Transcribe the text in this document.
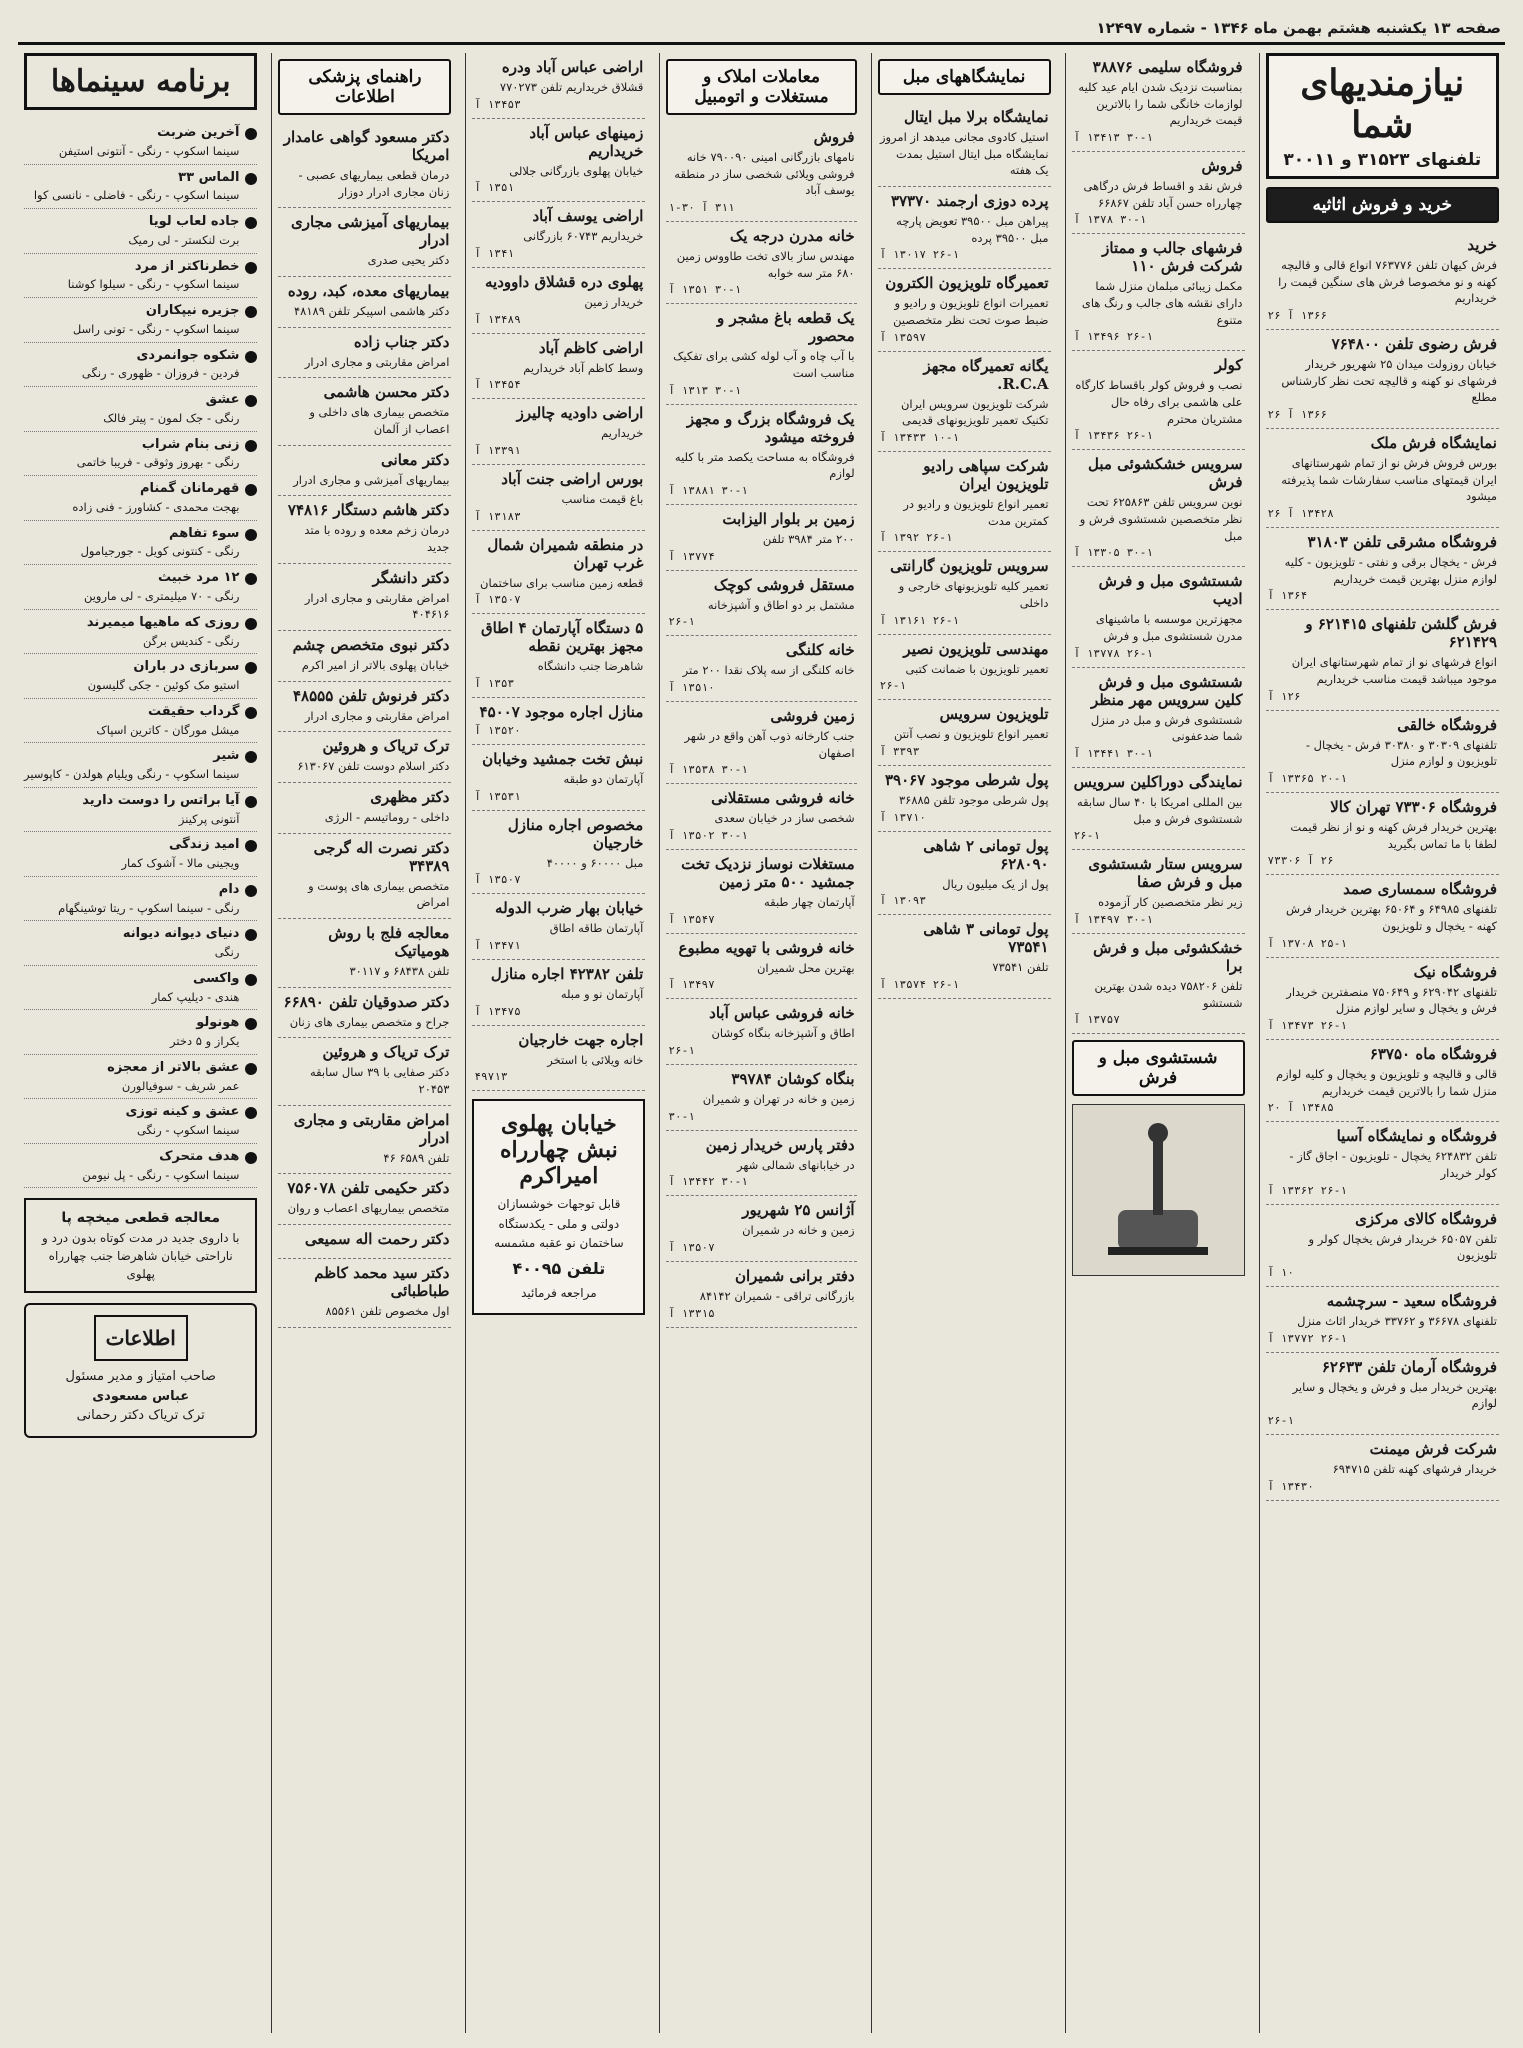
صفحه ۱۳ یکشنبه هشتم بهمن ماه ۱۳۴۶ - شماره ۱۲۴۹۷
نیازمندیهای شما
تلفنهای ۳۱۵۲۳ و ۳۰۰۱۱
خرید و فروش اثاثیه
خرید
فرش کیهان تلفن ۷۶۳۷۷۶ انواع قالی و قالیچه کهنه و نو مخصوصا فرش های سنگین قیمت را خریداریم
۱۳۶۶ آ ۲۶
فرش رضوی تلفن ۷۶۴۸۰۰
خیابان روزولت میدان ۲۵ شهریور خریدار فرشهای نو کهنه و قالیچه تحت نظر کارشناس مطلع
۱۳۶۶ آ ۲۶
نمایشگاه فرش ملک
بورس فروش فرش نو از تمام شهرستانهای ایران قیمتهای مناسب سفارشات شما پذیرفته میشود
۱۳۴۲۸ آ ۲۶
فروشگاه مشرقی تلفن ۳۱۸۰۳
فرش - یخچال برقی و نفتی - تلویزیون - کلیه لوازم منزل بهترین قیمت خریداریم
۱۳۶۴ آ
فرش گلشن تلفنهای ۶۲۱۴۱۵ و ۶۲۱۴۲۹
انواع فرشهای نو از تمام شهرستانهای ایران موجود میباشد قیمت مناسب خریداریم
۱۲۶ آ
فروشگاه خالقی
تلفنهای ۳۰۳۰۹ و ۳۰۳۸۰ فرش - یخچال - تلویزیون و لوازم منزل
۲۰-۱ ۱۳۳۶۵ آ
فروشگاه ۷۳۳۰۶ تهران کالا
بهترین خریدار فرش کهنه و نو از نظر قیمت لطفا با ما تماس بگیرید
۲۶ آ ۷۳۳۰۶
فروشگاه سمساری صمد
تلفنهای ۶۴۹۸۵ و ۶۵۰۶۴ بهترین خریدار فرش کهنه - یخچال و تلویزیون
۲۵-۱ ۱۳۷۰۸ آ
فروشگاه نیک
تلفنهای ۶۲۹۰۴۲ و ۷۵۰۶۴۹ منصفترین خریدار فرش و یخچال و سایر لوازم منزل
۲۶-۱ ۱۳۴۷۳ آ
فروشگاه ماه ۶۳۷۵۰
قالی و قالیچه و تلویزیون و یخچال و کلیه لوازم منزل شما را بالاترین قیمت خریداریم
۱۳۴۸۵ آ ۲۰
فروشگاه و نمایشگاه آسیا
تلفن ۶۲۴۸۳۲ یخچال - تلویزیون - اجاق گاز - کولر خریدار
۲۶-۱ ۱۳۳۶۲ آ
فروشگاه کالای مرکزی
تلفن ۶۵۰۵۷ خریدار فرش یخچال کولر و تلویزیون
۱۰ آ
فروشگاه سعید - سرچشمه
تلفنهای ۳۶۶۷۸ و ۳۳۷۶۲ خریدار اثاث منزل
۲۶-۱ ۱۳۷۷۲ آ
فروشگاه آرمان تلفن ۶۲۶۳۳
بهترین خریدار مبل و فرش و یخچال و سایر لوازم
۲۶-۱
شرکت فرش میمنت
خریدار فرشهای کهنه تلفن ۶۹۴۷۱۵
۱۳۴۳۰ آ
فروشگاه سلیمی ۳۸۸۷۶
بمناسبت نزدیک شدن ایام عید کلیه لوازمات خانگی شما را بالاترین قیمت خریداریم
۳۰-۱ ۱۳۴۱۳ آ
فروش
فرش نقد و اقساط فرش درگاهی چهارراه حسن آباد تلفن ۶۶۸۶۷
۳۰-۱ ۱۳۷۸ آ
فرشهای جالب و ممتاز شرکت فرش ۱۱۰
مکمل زیبائی مبلمان منزل شما دارای نقشه های جالب و رنگ های متنوع
۲۶-۱ ۱۳۴۹۶ آ
کولر
نصب و فروش کولر باقساط کارگاه علی هاشمی برای رفاه حال مشتریان محترم
۲۶-۱ ۱۳۴۳۶ آ
سرویس خشکشوئی مبل فرش
نوین سرویس تلفن ۶۲۵۸۶۳ تحت نظر متخصصین شستشوی فرش و مبل
۳۰-۱ ۱۳۳۰۵ آ
شستشوی مبل و فرش ادیب
مجهزترین موسسه با ماشینهای مدرن شستشوی مبل و فرش
۲۶-۱ ۱۳۷۷۸ آ
شستشوی مبل و فرش کلین سرویس مهر منظر
شستشوی فرش و مبل در منزل شما ضدعفونی
۳۰-۱ ۱۳۴۴۱ آ
نمایندگی دوراکلین سرویس
بین المللی امریکا با ۴۰ سال سابقه شستشوی فرش و مبل
۲۶-۱
سرویس ستار شستشوی مبل و فرش صفا
زیر نظر متخصصین کار آزموده
۳۰-۱ ۱۳۴۹۷ آ
خشکشوئی مبل و فرش برا
تلفن ۷۵۸۲۰۶ دیده شدن بهترین شستشو
۱۳۷۵۷ آ
شستشوی مبل و فرش
نمایشگاههای مبل
نمایشگاه برلا مبل ایتال
استیل کادوی مجانی میدهد از امروز نمایشگاه مبل ایتال استیل بمدت یک هفته
پرده دوزی ارجمند ۳۷۳۷۰
پیراهن مبل ۳۹۵۰۰ تعویض پارچه مبل ۳۹۵۰۰ پرده
۲۶-۱ ۱۳۰۱۷ آ
تعمیرگاه تلویزیون الکترون
تعمیرات انواع تلویزیون و رادیو و ضبط صوت تحت نظر متخصصین
۱۳۵۹۷ آ
یگانه تعمیرگاه مجهز R.C.A.
شرکت تلویزیون سرویس ایران تکنیک تعمیر تلویزیونهای قدیمی
۱۰-۱ ۱۳۴۳۳ آ
شرکت سپاهی رادیو تلویزیون ایران
تعمیر انواع تلویزیون و رادیو در کمترین مدت
۲۶-۱ ۱۳۹۲ آ
سرویس تلویزیون گارانتی
تعمیر کلیه تلویزیونهای خارجی و داخلی
۲۶-۱ ۱۳۱۶۱ آ
مهندسی تلویزیون نصیر
تعمیر تلویزیون با ضمانت کتبی
۲۶-۱
تلویزیون سرویس
تعمیر انواع تلویزیون و نصب آنتن
۳۳۹۳ آ
پول شرطی موجود ۳۹۰۶۷
پول شرطی موجود تلفن ۳۶۸۸۵
۱۳۷۱۰ آ
پول تومانی ۲ شاهی ۶۲۸۰۹۰
پول از یک میلیون ریال
۱۳۰۹۳ آ
پول تومانی ۳ شاهی ۷۳۵۴۱
تلفن ۷۳۵۴۱
۲۶-۱ ۱۳۵۷۴ آ
معاملات املاک و مستغلات و اتومبیل
فروش
نامهای بازرگانی امینی ۷۹۰۰۹۰ خانه فروشی ویلائی شخصی ساز در منطقه یوسف آباد
۳۱۱ آ ۳۰-۱
خانه مدرن درجه یک
مهندس ساز بالای تخت طاووس زمین ۶۸۰ متر سه خوابه
۳۰-۱ ۱۳۵۱ آ
یک قطعه باغ مشجر و محصور
با آب چاه و آب لوله کشی برای تفکیک مناسب است
۳۰-۱ ۱۳۱۳ آ
یک فروشگاه بزرگ و مجهز فروخته میشود
فروشگاه به مساحت یکصد متر با کلیه لوازم
۳۰-۱ ۱۳۸۸۱ آ
زمین بر بلوار الیزابت
۲۰۰ متر ۳۹۸۴ تلفن
۱۳۷۷۴ آ
مستقل فروشی کوچک
مشتمل بر دو اطاق و آشپزخانه
۲۶-۱
خانه کلنگی
خانه کلنگی از سه پلاک نقدا ۲۰۰ متر
۱۳۵۱۰ آ
زمین فروشی
جنب کارخانه ذوب آهن واقع در شهر اصفهان
۳۰-۱ ۱۳۵۳۸ آ
خانه فروشی مستقلانی
شخصی ساز در خیابان سعدی
۳۰-۱ ۱۳۵۰۲ آ
مستغلات نوساز نزدیک تخت جمشید ۵۰۰ متر زمین
آپارتمان چهار طبقه
۱۳۵۴۷ آ
خانه فروشی با تهویه مطبوع
بهترین محل شمیران
۱۳۴۹۷ آ
خانه فروشی عباس آباد
اطاق و آشپزخانه بنگاه کوشان
۲۶-۱
بنگاه کوشان ۳۹۷۸۴
زمین و خانه در تهران و شمیران
۳۰-۱
دفتر پارس خریدار زمین
در خیابانهای شمالی شهر
۳۰-۱ ۱۳۴۴۲ آ
آژانس ۲۵ شهریور
زمین و خانه در شمیران
۱۳۵۰۷ آ
دفتر برانی شمیران
بازرگانی تراقی - شمیران ۸۴۱۴۲
۱۳۳۱۵ آ
اراضی عباس آباد ودره
قشلاق خریداریم تلفن ۷۷۰۲۷۳
۱۳۴۵۳ آ
زمینهای عباس آباد خریداریم
خیابان پهلوی بازرگانی جلالی
۱۳۵۱ آ
اراضی یوسف آباد
خریداریم ۶۰۷۴۳ بازرگانی
۱۳۴۱ آ
پهلوی دره قشلاق داوودیه
خریدار زمین
۱۳۴۸۹ آ
اراضی کاظم آباد
وسط کاظم آباد خریداریم
۱۳۴۵۴ آ
اراضی داودیه چالیرز
خریداریم
۱۳۳۹۱ آ
بورس اراضی جنت آباد
باغ قیمت مناسب
۱۳۱۸۳ آ
در منطقه شمیران شمال غرب تهران
قطعه زمین مناسب برای ساختمان
۱۳۵۰۷ آ
۵ دستگاه آپارتمان ۴ اطاق مجهز بهترین نقطه
شاهرضا جنب دانشگاه
۱۳۵۳ آ
منازل اجاره موجود ۴۵۰۰۷
۱۳۵۲۰ آ
نبش تخت جمشید وخیابان
آپارتمان دو طبقه
۱۳۵۳۱ آ
مخصوص اجاره منازل خارجیان
مبل ۶۰۰۰۰ و ۴۰۰۰۰
۱۳۵۰۷ آ
خیابان بهار ضرب الدوله
آپارتمان طاقه اطاق
۱۳۴۷۱ آ
تلفن ۴۲۳۸۲ اجاره منازل
آپارتمان نو و مبله
۱۳۴۷۵ آ
اجاره جهت خارجیان
خانه ویلائی با استخر
۴۹۷۱۳
خیابان پهلوی نبش چهارراه امیراکرم
قابل توجهات خوشسازان دولتی و ملی - یکدستگاه ساختمان نو عقبه مشمسه
تلفن ۴۰۰۹۵
مراجعه فرمائید
راهنمای پزشکی اطلاعات
دکتر مسعود گواهی عامدار امریکا
درمان قطعی بیماریهای عصبی - زنان مجاری ادرار دوزار
بیماریهای آمیزشی مجاری ادرار
دکتر یحیی صدری
بیماریهای معده، کبد، روده
دکتر هاشمی اسپیکر تلفن ۴۸۱۸۹
دکتر جناب زاده
امراض مقاربتی و مجاری ادرار
دکتر محسن هاشمی
متخصص بیماری های داخلی و اعصاب از آلمان
دکتر معانی
بیماریهای آمیزشی و مجاری ادرار
دکتر هاشم دستگار ۷۴۸۱۶
درمان زخم معده و روده با متد جدید
دکتر دانشگر
امراض مقاربتی و مجاری ادرار ۴۰۴۶۱۶
دکتر نبوی متخصص چشم
خیابان پهلوی بالاتر از امیر اکرم
دکتر فرنوش تلفن ۴۸۵۵۵
امراض مقاربتی و مجاری ادرار
ترک تریاک و هروئین
دکتر اسلام دوست تلفن ۶۱۳۰۶۷
دکتر مظهری
داخلی - روماتیسم - الرژی
دکتر نصرت اله گرجی ۳۴۳۸۹
متخصص بیماری های پوست و امراض
معالجه فلج با روش هومیاتیک
تلفن ۶۸۴۳۸ و ۳۰۱۱۷
دکتر صدوقیان تلفن ۶۶۸۹۰
جراح و متخصص بیماری های زنان
ترک تریاک و هروئین
دکتر صفایی با ۳۹ سال سابقه ۲۰۴۵۳
امراض مقاربتی و مجاری ادرار
تلفن ۶۵۸۹ ۴۶
دکتر حکیمی تلفن ۷۵۶۰۷۸
متخصص بیماریهای اعصاب و روان
دکتر رحمت اله سمیعی
دکتر سید محمد کاظم طباطبائی
اول مخصوص تلفن ۸۵۵۶۱
برنامه سینماها
آخرین ضربت
سینما اسکوپ - رنگی - آنتونی استیفن
الماس ۳۳
سینما اسکوپ - رنگی - فاضلی - نانسی کوا
جاده لعاب لویا
برت لنکستر - لی رمیک
خطرناکتر از مرد
سینما اسکوپ - رنگی - سیلوا کوشنا
جزیره نیپکاران
سینما اسکوپ - رنگی - تونی راسل
شکوه جوانمردی
فردین - فروزان - ظهوری - رنگی
عشق
رنگی - جک لمون - پیتر فالک
زنی بنام شراب
رنگی - بهروز وثوقی - فریبا خاتمی
قهرمانان گمنام
بهجت محمدی - کشاورز - فنی زاده
سوء تفاهم
رنگی - کنتونی کویل - جورجیامول
۱۲ مرد خبیث
رنگی - ۷۰ میلیمتری - لی ماروین
روزی که ماهیها میمیرند
رنگی - کندیس برگن
سربازی در باران
استیو مک کوئین - جکی گلیسون
گرداب حقیقت
میشل مورگان - کاترین اسپاک
شیر
سینما اسکوپ - رنگی ویلیام هولدن - کاپوسیر
آیا براتس را دوست دارید
آنتونی پرکینز
امید زندگی
ویجینی مالا - آشوک کمار
دام
رنگی - سینما اسکوپ - ریتا توشینگهام
دنیای دیوانه دیوانه
رنگی
واکسی
هندی - دیلیپ کمار
هونولو
یکراز و ۵ دختر
عشق بالاتر از معجزه
عمر شریف - سوفیالورن
عشق و کینه توزی
سینما اسکوپ - رنگی
هدف متحرک
سینما اسکوپ - رنگی - پل نیومن
معالجه قطعی میخچه پا
با داروی جدید در مدت کوتاه بدون درد و ناراحتی خیابان شاهرضا جنب چهارراه پهلوی
اطلاعات
صاحب امتیاز و مدیر مسئول
عباس مسعودی
ترک تریاک دکتر رحمانی
